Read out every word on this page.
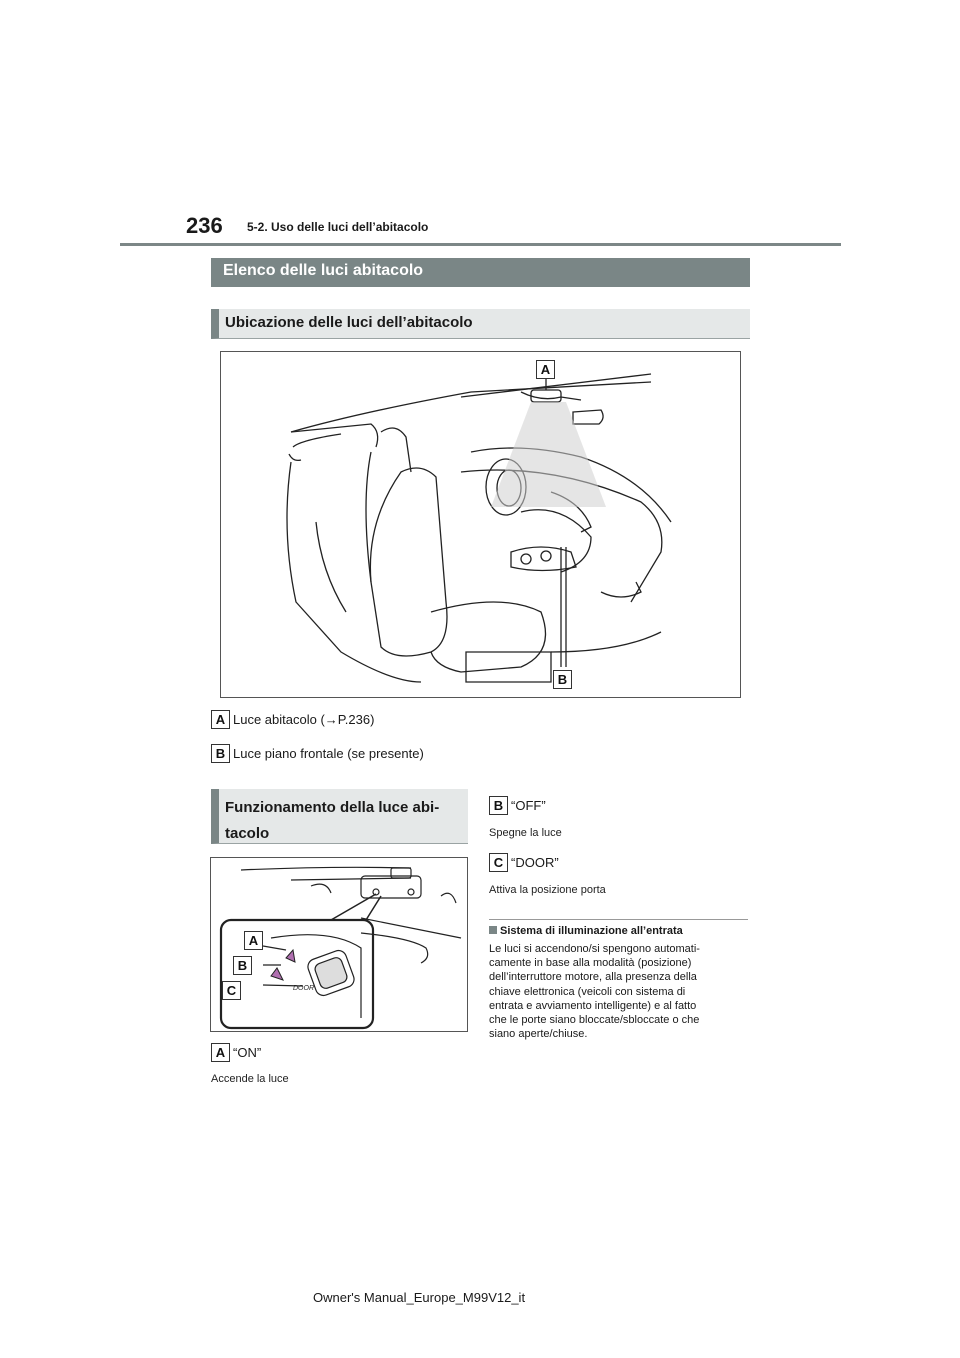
236 5-2. Uso delle luci dell’abitacolo
Elenco delle luci abitacolo
Ubicazione delle luci dell’abitacolo
A
B
A Luce abitacolo (→P.236)
B Luce piano frontale (se presente)
Funzionamento della luce abi-
tacolo
DOOR
A
B
C
A “ON”
Accende la luce
B “OFF”
Spegne la luce
C “DOOR”
Attiva la posizione porta
Sistema di illuminazione all’entrata
Le luci si accendono/si spengono automati-
camente in base alla modalità (posizione)
dell’interruttore motore, alla presenza della
chiave elettronica (veicoli con sistema di
entrata e avviamento intelligente) e al fatto
che le porte siano bloccate/sbloccate o che
siano aperte/chiuse.
Owner's Manual_Europe_M99V12_it
